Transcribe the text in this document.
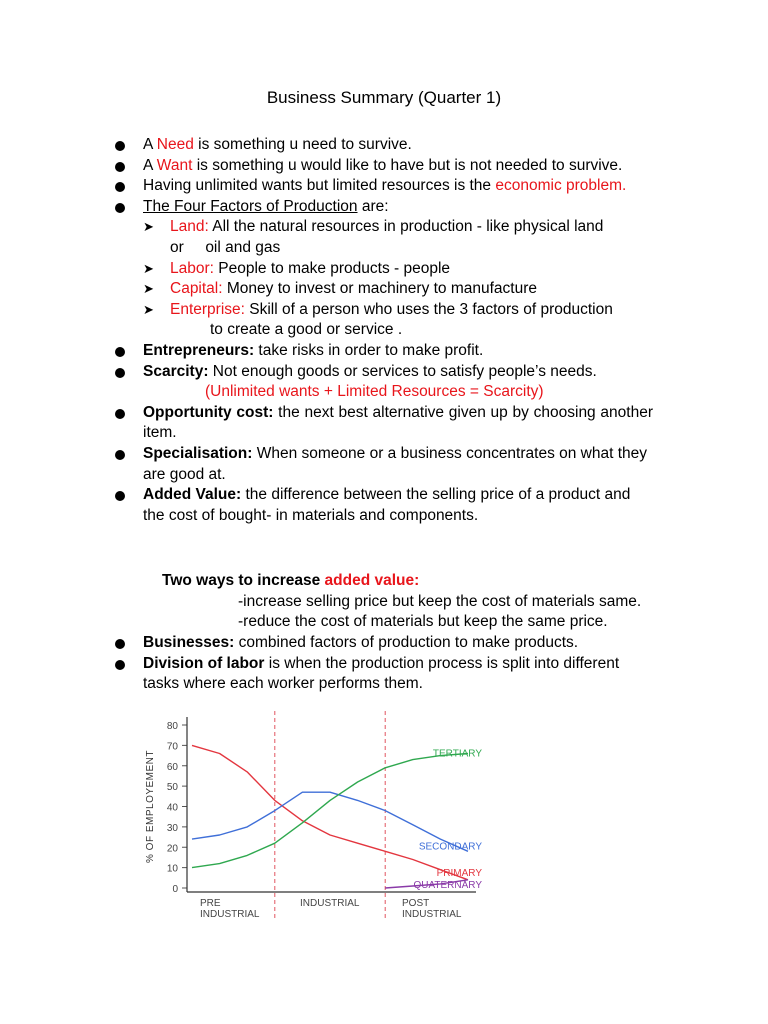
Business Summary (Quarter 1)
A Need is something u need to survive.
A Want is something u would like to have but is not needed to survive.
Having unlimited wants but limited resources is the economic problem.
The Four Factors of Production are:
➤ Land: All the natural resources in production - like physical land or     oil and gas
➤ Labor: People to make products - people
➤ Capital: Money to invest or machinery to manufacture
➤ Enterprise: Skill of a person who uses the 3 factors of production
to create a good or service .
Entrepreneurs: take risks in order to make profit.
Scarcity: Not enough goods or services to satisfy people’s needs.
(Unlimited wants + Limited Resources = Scarcity)
Opportunity cost: the next best alternative given up by choosing another item.
Specialisation: When someone or a business concentrates on what they are good at.
Added Value: the difference between the selling price of a product and the cost of bought- in materials and components.
Two ways to increase added value:
-increase selling price but keep the cost of materials same.
-reduce the cost of materials but keep the same price.
Businesses: combined factors of production to make products.
Division of labor is when the production process is split into different tasks where each worker performs them.
0
10
20
30
40
50
60
70
80
% OF EMPLOYEMENT
PRE INDUSTRIAL
INDUSTRIAL	POST INDUSTRIAL
PRIMARY
SECONDARY
TERTIARY
QUATERNARY
